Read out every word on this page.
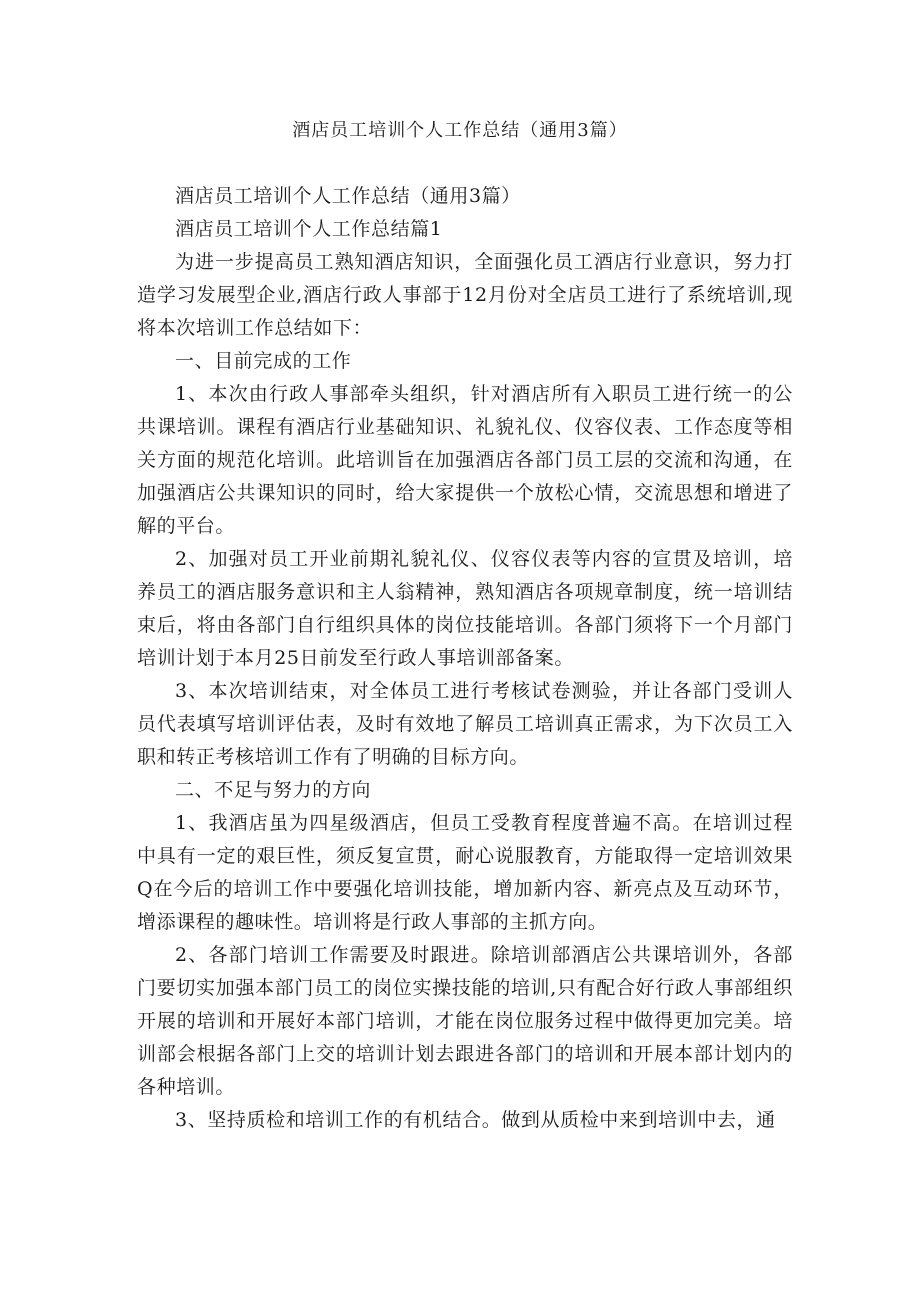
酒店员工培训个人工作总结（通用3篇）

酒店员工培训个人工作总结（通用3篇）

酒店员工培训个人工作总结篇1

为进一步提高员工熟知酒店知识，全面强化员工酒店行业意识，努力打造学习发展型企业,酒店行政人事部于12月份对全店员工进行了系统培训,现将本次培训工作总结如下：

一、目前完成的工作

1、本次由行政人事部牵头组织，针对酒店所有入职员工进行统一的公共课培训。课程有酒店行业基础知识、礼貌礼仪、仪容仪表、工作态度等相关方面的规范化培训。此培训旨在加强酒店各部门员工层的交流和沟通，在加强酒店公共课知识的同时，给大家提供一个放松心情，交流思想和增进了解的平台。

2、加强对员工开业前期礼貌礼仪、仪容仪表等内容的宣贯及培训，培养员工的酒店服务意识和主人翁精神，熟知酒店各项规章制度，统一培训结束后，将由各部门自行组织具体的岗位技能培训。各部门须将下一个月部门培训计划于本月25日前发至行政人事培训部备案。

3、本次培训结束，对全体员工进行考核试卷测验，并让各部门受训人员代表填写培训评估表，及时有效地了解员工培训真正需求，为下次员工入职和转正考核培训工作有了明确的目标方向。

二、不足与努力的方向

1、我酒店虽为四星级酒店，但员工受教育程度普遍不高。在培训过程中具有一定的艰巨性，须反复宣贯，耐心说服教育，方能取得一定培训效果Q在今后的培训工作中要强化培训技能，增加新内容、新亮点及互动环节，增添课程的趣味性。培训将是行政人事部的主抓方向。

2、各部门培训工作需要及时跟进。除培训部酒店公共课培训外，各部门要切实加强本部门员工的岗位实操技能的培训,只有配合好行政人事部组织开展的培训和开展好本部门培训，才能在岗位服务过程中做得更加完美。培训部会根据各部门上交的培训计划去跟进各部门的培训和开展本部计划内的各种培训。

3、坚持质检和培训工作的有机结合。做到从质检中来到培训中去，通
